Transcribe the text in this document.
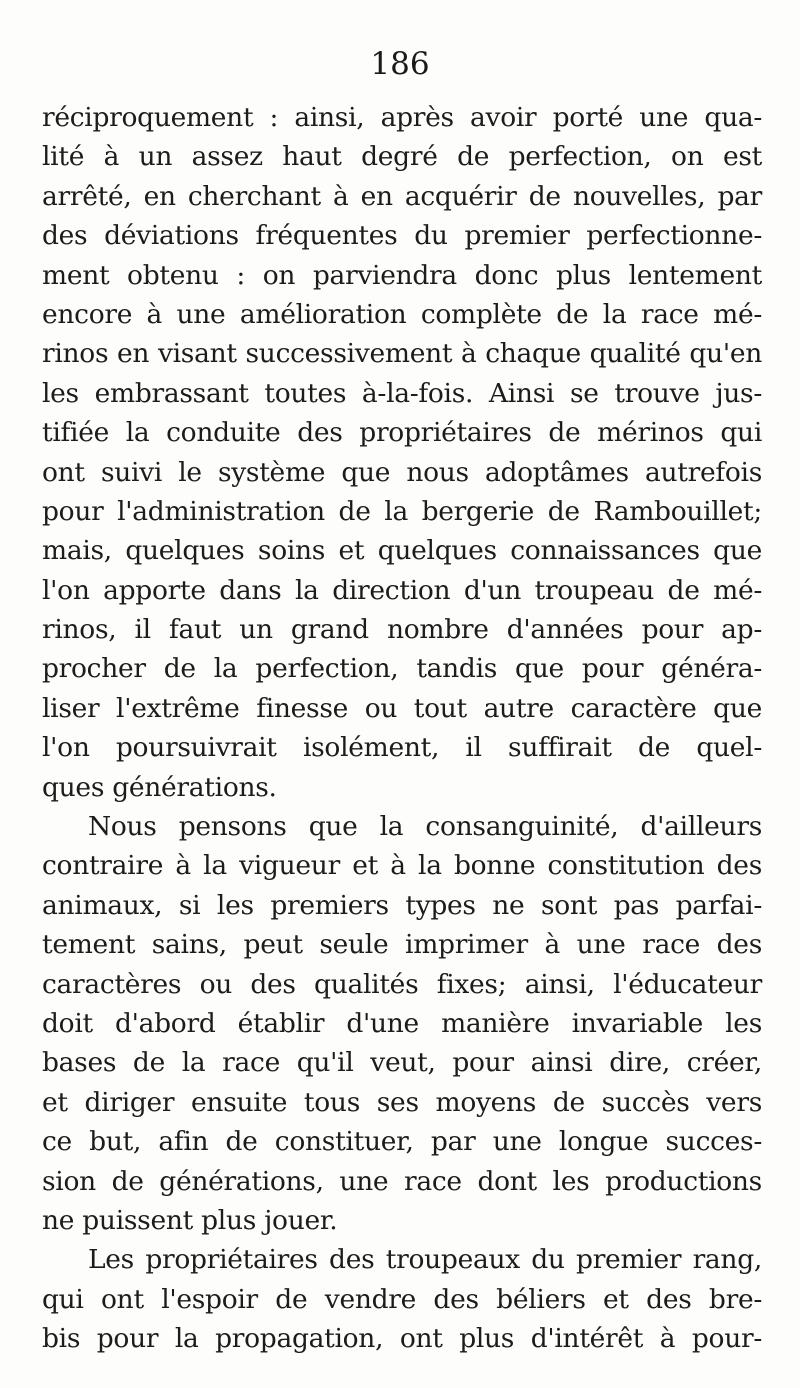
186
réciproquement : ainsi, après avoir porté une qua-
lité à un assez haut degré de perfection, on est
arrêté, en cherchant à en acquérir de nouvelles, par
des déviations fréquentes du premier perfectionne-
ment obtenu : on parviendra donc plus lentement
encore à une amélioration complète de la race mé-
rinos en visant successivement à chaque qualité qu'en
les embrassant toutes à-la-fois. Ainsi se trouve jus-
tifiée la conduite des propriétaires de mérinos qui
ont suivi le système que nous adoptâmes autrefois
pour l'administration de la bergerie de Rambouillet;
mais, quelques soins et quelques connaissances que
l'on apporte dans la direction d'un troupeau de mé-
rinos, il faut un grand nombre d'années pour ap-
procher de la perfection, tandis que pour généra-
liser l'extrême finesse ou tout autre caractère que
l'on poursuivrait isolément, il suffirait de quel-
ques générations.
Nous pensons que la consanguinité, d'ailleurs
contraire à la vigueur et à la bonne constitution des
animaux, si les premiers types ne sont pas parfai-
tement sains, peut seule imprimer à une race des
caractères ou des qualités fixes; ainsi, l'éducateur
doit d'abord établir d'une manière invariable les
bases de la race qu'il veut, pour ainsi dire, créer,
et diriger ensuite tous ses moyens de succès vers
ce but, afin de constituer, par une longue succes-
sion de générations, une race dont les productions
ne puissent plus jouer.
Les propriétaires des troupeaux du premier rang,
qui ont l'espoir de vendre des béliers et des bre-
bis pour la propagation, ont plus d'intérêt à pour-
